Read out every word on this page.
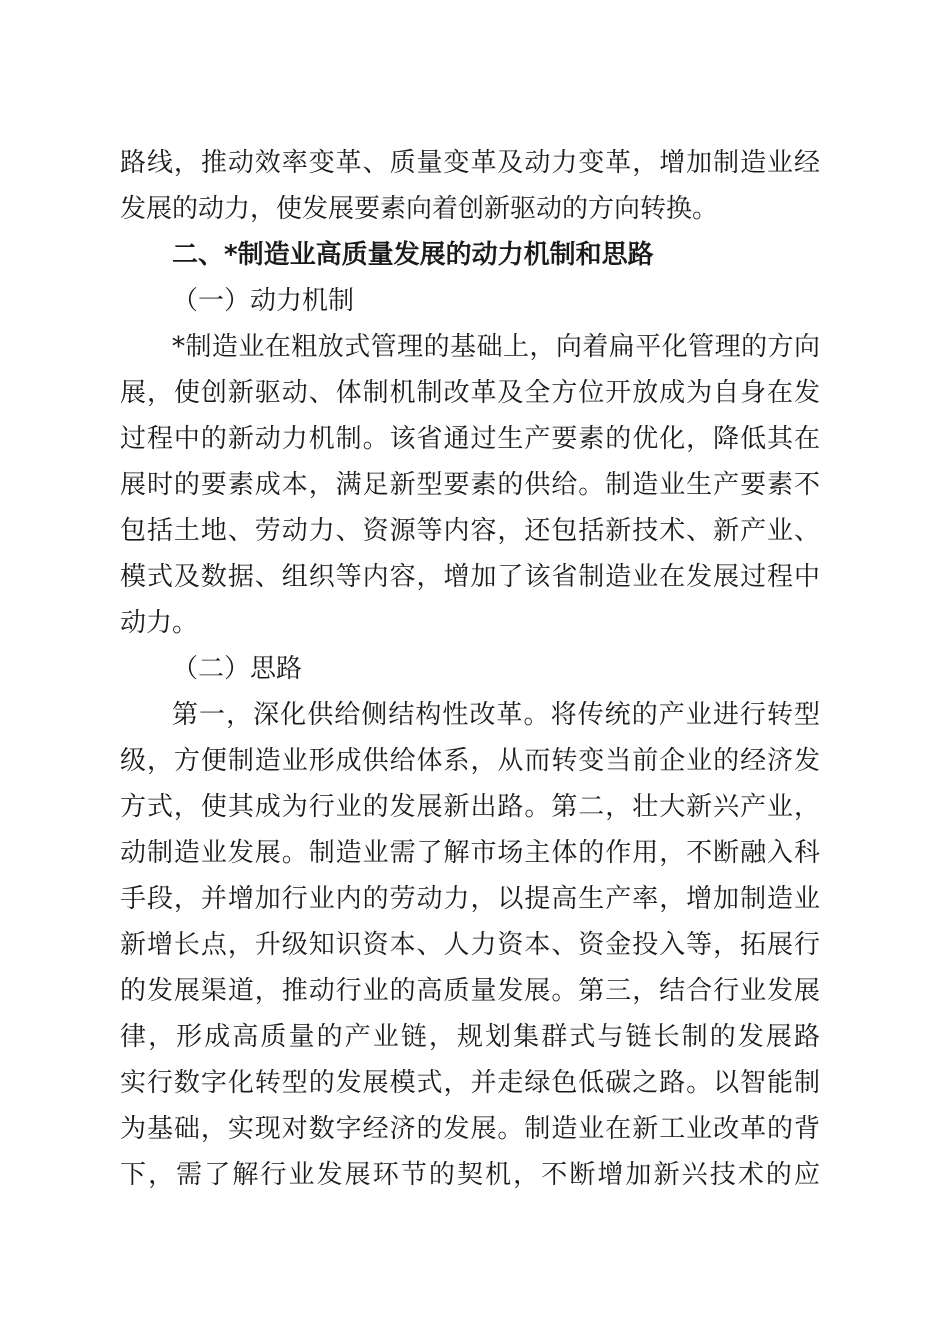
路线，推动效率变革、质量变革及动力变革，增加制造业经
发展的动力，使发展要素向着创新驱动的方向转换。
二、*制造业高质量发展的动力机制和思路
（一）动力机制
*制造业在粗放式管理的基础上，向着扁平化管理的方向
展，使创新驱动、体制机制改革及全方位开放成为自身在发
过程中的新动力机制。该省通过生产要素的优化，降低其在
展时的要素成本，满足新型要素的供给。制造业生产要素不
包括土地、劳动力、资源等内容，还包括新技术、新产业、
模式及数据、组织等内容，增加了该省制造业在发展过程中
动力。
（二）思路
第一，深化供给侧结构性改革。将传统的产业进行转型
级，方便制造业形成供给体系，从而转变当前企业的经济发
方式，使其成为行业的发展新出路。第二，壮大新兴产业，
动制造业发展。制造业需了解市场主体的作用，不断融入科
手段，并增加行业内的劳动力，以提高生产率，增加制造业
新增长点，升级知识资本、人力资本、资金投入等，拓展行
的发展渠道，推动行业的高质量发展。第三，结合行业发展
律，形成高质量的产业链，规划集群式与链长制的发展路
实行数字化转型的发展模式，并走绿色低碳之路。以智能制
为基础，实现对数字经济的发展。制造业在新工业改革的背
下，需了解行业发展环节的契机，不断增加新兴技术的应
